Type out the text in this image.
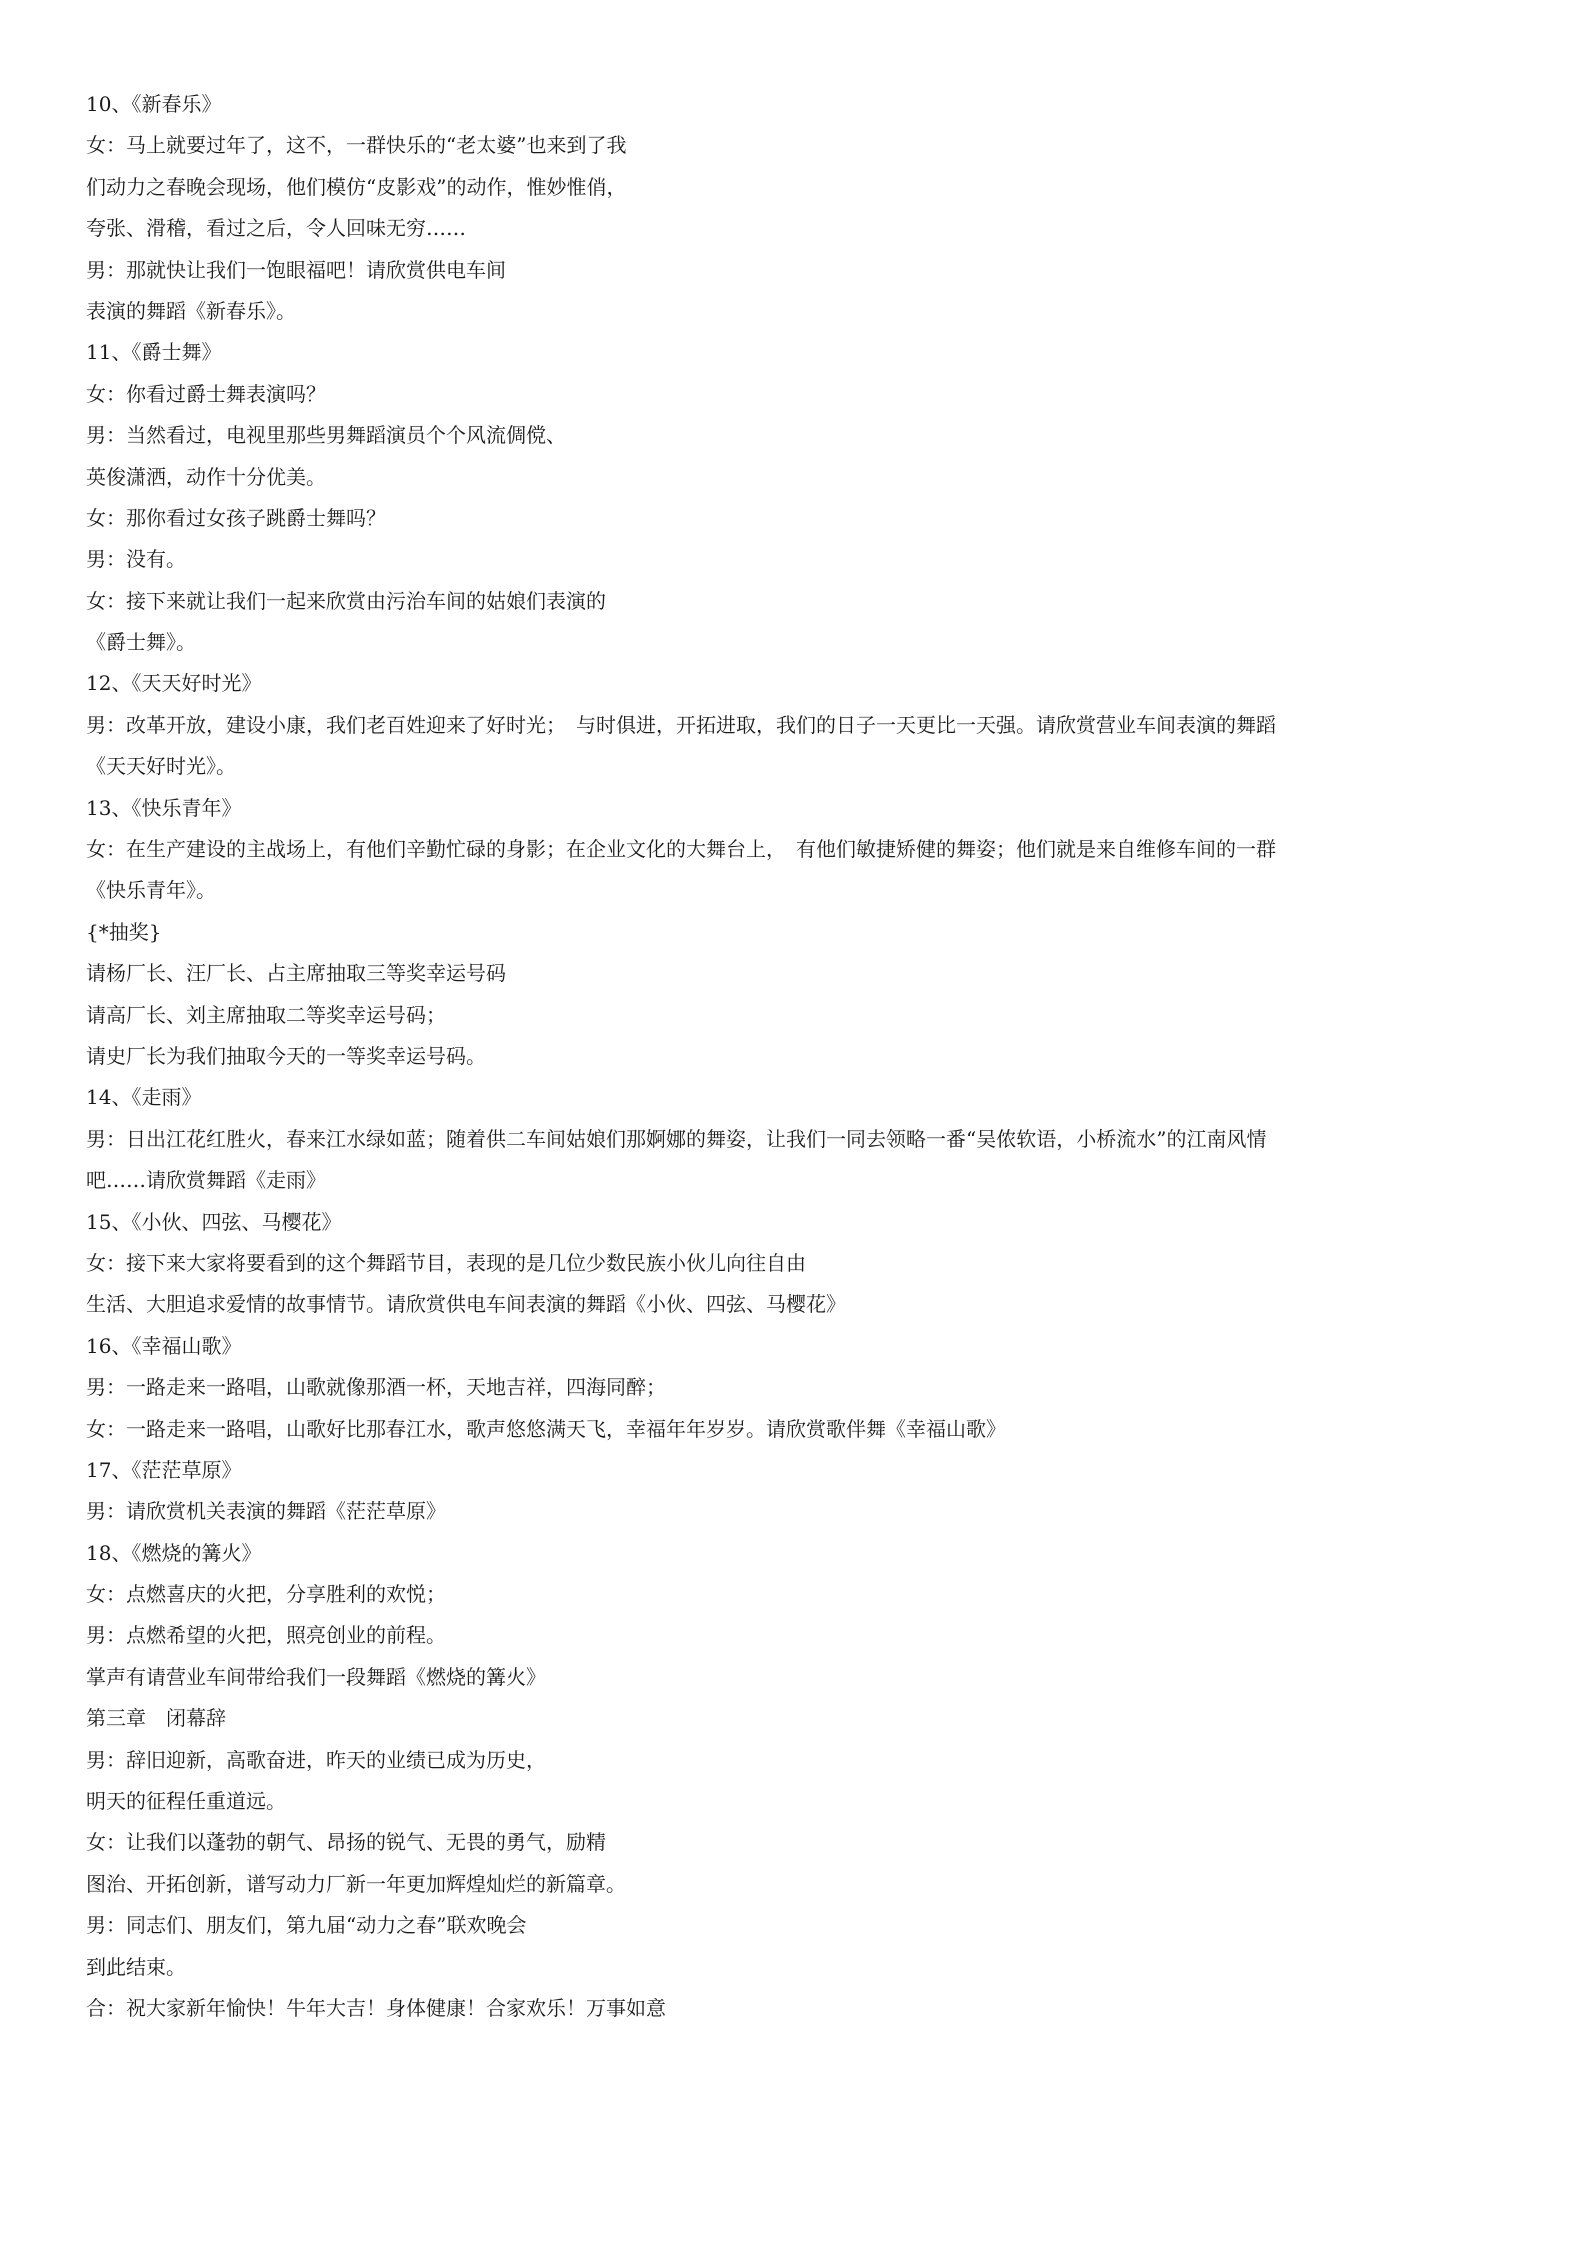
10、《新春乐》
女：马上就要过年了，这不，一群快乐的“老太婆”也来到了我
们动力之春晚会现场，他们模仿“皮影戏”的动作，惟妙惟俏，
夸张、滑稽，看过之后，令人回味无穷……
男：那就快让我们一饱眼福吧！请欣赏供电车间
表演的舞蹈《新春乐》。
11、《爵士舞》
女：你看过爵士舞表演吗？
男：当然看过，电视里那些男舞蹈演员个个风流倜傥、
英俊潇洒，动作十分优美。
女：那你看过女孩子跳爵士舞吗？
男：没有。
女：接下来就让我们一起来欣赏由污治车间的姑娘们表演的
《爵士舞》。
12、《天天好时光》
男：改革开放，建设小康，我们老百姓迎来了好时光；　与时俱进，开拓进取，我们的日子一天更比一天强。请欣赏营业车间表演的舞蹈
《天天好时光》。
13、《快乐青年》
女：在生产建设的主战场上，有他们辛勤忙碌的身影；在企业文化的大舞台上，　有他们敏捷矫健的舞姿；他们就是来自维修车间的一群
《快乐青年》。
{*抽奖}
请杨厂长、汪厂长、占主席抽取三等奖幸运号码
请高厂长、刘主席抽取二等奖幸运号码；
请史厂长为我们抽取今天的一等奖幸运号码。
14、《走雨》
男：日出江花红胜火，春来江水绿如蓝；随着供二车间姑娘们那婀娜的舞姿，让我们一同去领略一番“吴侬软语，小桥流水”的江南风情
吧……请欣赏舞蹈《走雨》
15、《小伙、四弦、马樱花》
女：接下来大家将要看到的这个舞蹈节目，表现的是几位少数民族小伙儿向往自由
生活、大胆追求爱情的故事情节。请欣赏供电车间表演的舞蹈《小伙、四弦、马樱花》
16、《幸福山歌》
男：一路走来一路唱，山歌就像那酒一杯，天地吉祥，四海同醉；
女：一路走来一路唱，山歌好比那春江水，歌声悠悠满天飞，幸福年年岁岁。请欣赏歌伴舞《幸福山歌》
17、《茫茫草原》
男：请欣赏机关表演的舞蹈《茫茫草原》
18、《燃烧的篝火》
女：点燃喜庆的火把，分享胜利的欢悦；
男：点燃希望的火把，照亮创业的前程。
掌声有请营业车间带给我们一段舞蹈《燃烧的篝火》
第三章　闭幕辞
男：辞旧迎新，高歌奋进，昨天的业绩已成为历史，
明天的征程任重道远。
女：让我们以蓬勃的朝气、昂扬的锐气、无畏的勇气，励精
图治、开拓创新，谱写动力厂新一年更加辉煌灿烂的新篇章。
男：同志们、朋友们，第九届“动力之春”联欢晚会
到此结束。
合：祝大家新年愉快！牛年大吉！身体健康！合家欢乐！万事如意
